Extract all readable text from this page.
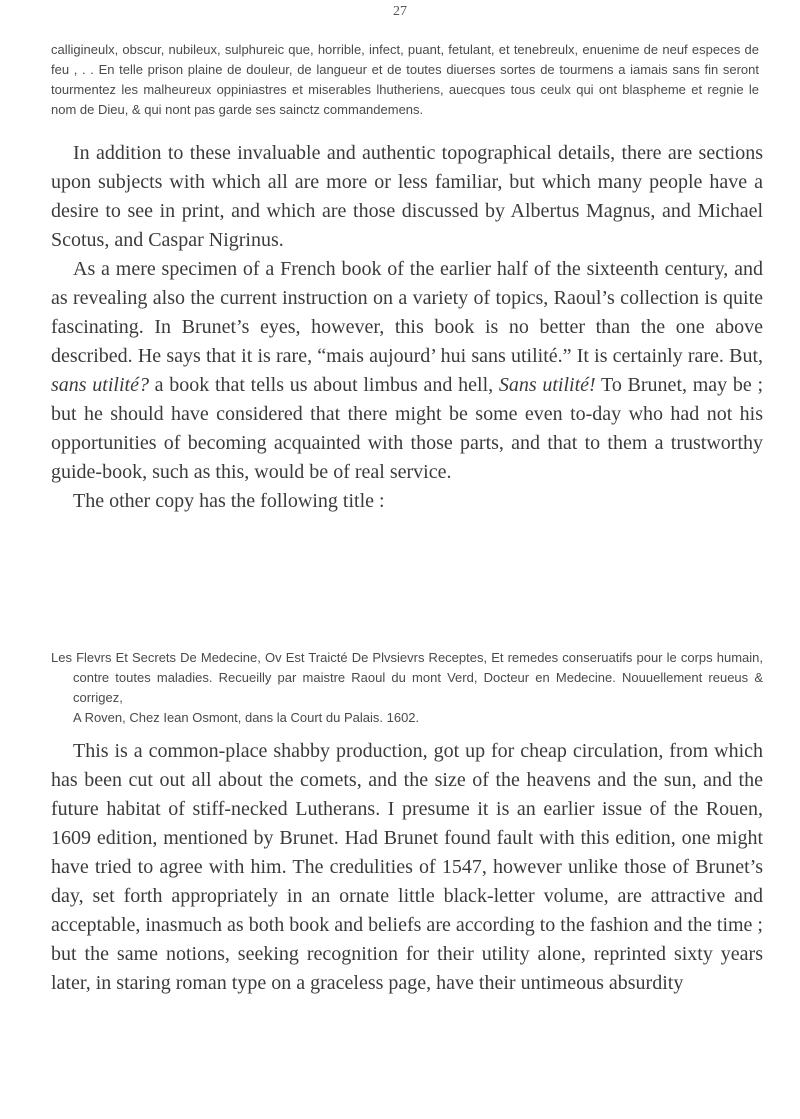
27
calligineulx, obscur, nubileux, sulphureic que, horrible, infect, puant, fetulant, et tenebreulx, enuenime de neuf especes de feu , . . En telle prison plaine de douleur, de langueur et de toutes diuerses sortes de tourmens a iamais sans fin seront tourmentez les malheureux oppiniastres et miserables lhutheriens, auecques tous ceulx qui ont blaspheme et regnie le nom de Dieu, & qui nont pas garde ses sainctz commandemens.

In addition to these invaluable and authentic topographical details, there are sections upon subjects with which all are more or less familiar, but which many people have a desire to see in print, and which are those discussed by Albertus Magnus, and Michael Scotus, and Caspar Nigrinus.

As a mere specimen of a French book of the earlier half of the sixteenth century, and as revealing also the current instruction on a variety of topics, Raoul’s collection is quite fascinating. In Brunet’s eyes, however, this book is no better than the one above described. He says that it is rare, “mais aujourd’ hui sans utilité.” It is certainly rare. But, sans utilité? a book that tells us about limbus and hell, Sans utilité! To Brunet, may be ; but he should have considered that there might be some even to-day who had not his opportunities of becoming acquainted with those parts, and that to them a trustworthy guide-book, such as this, would be of real service.

The other copy has the following title :

Les Flevrs Et Secrets De Medecine, Ov Est Traicté De Plvsievrs Receptes, Et remedes conseruatifs pour le corps humain, contre toutes maladies. Recueilly par maistre Raoul du mont Verd, Docteur en Medecine. Nouuellement reueus & corrigez,

A Roven, Chez Iean Osmont, dans la Court du Palais. 1602.

This is a common-place shabby production, got up for cheap circulation, from which has been cut out all about the comets, and the size of the heavens and the sun, and the future habitat of stiff-necked Lutherans. I presume it is an earlier issue of the Rouen, 1609 edition, mentioned by Brunet. Had Brunet found fault with this edition, one might have tried to agree with him. The credulities of 1547, however unlike those of Brunet’s day, set forth appropriately in an ornate little black-letter volume, are attractive and acceptable, inasmuch as both book and beliefs are according to the fashion and the time ; but the same notions, seeking recognition for their utility alone, reprinted sixty years later, in staring roman type on a graceless page, have their untimeous absurdity
